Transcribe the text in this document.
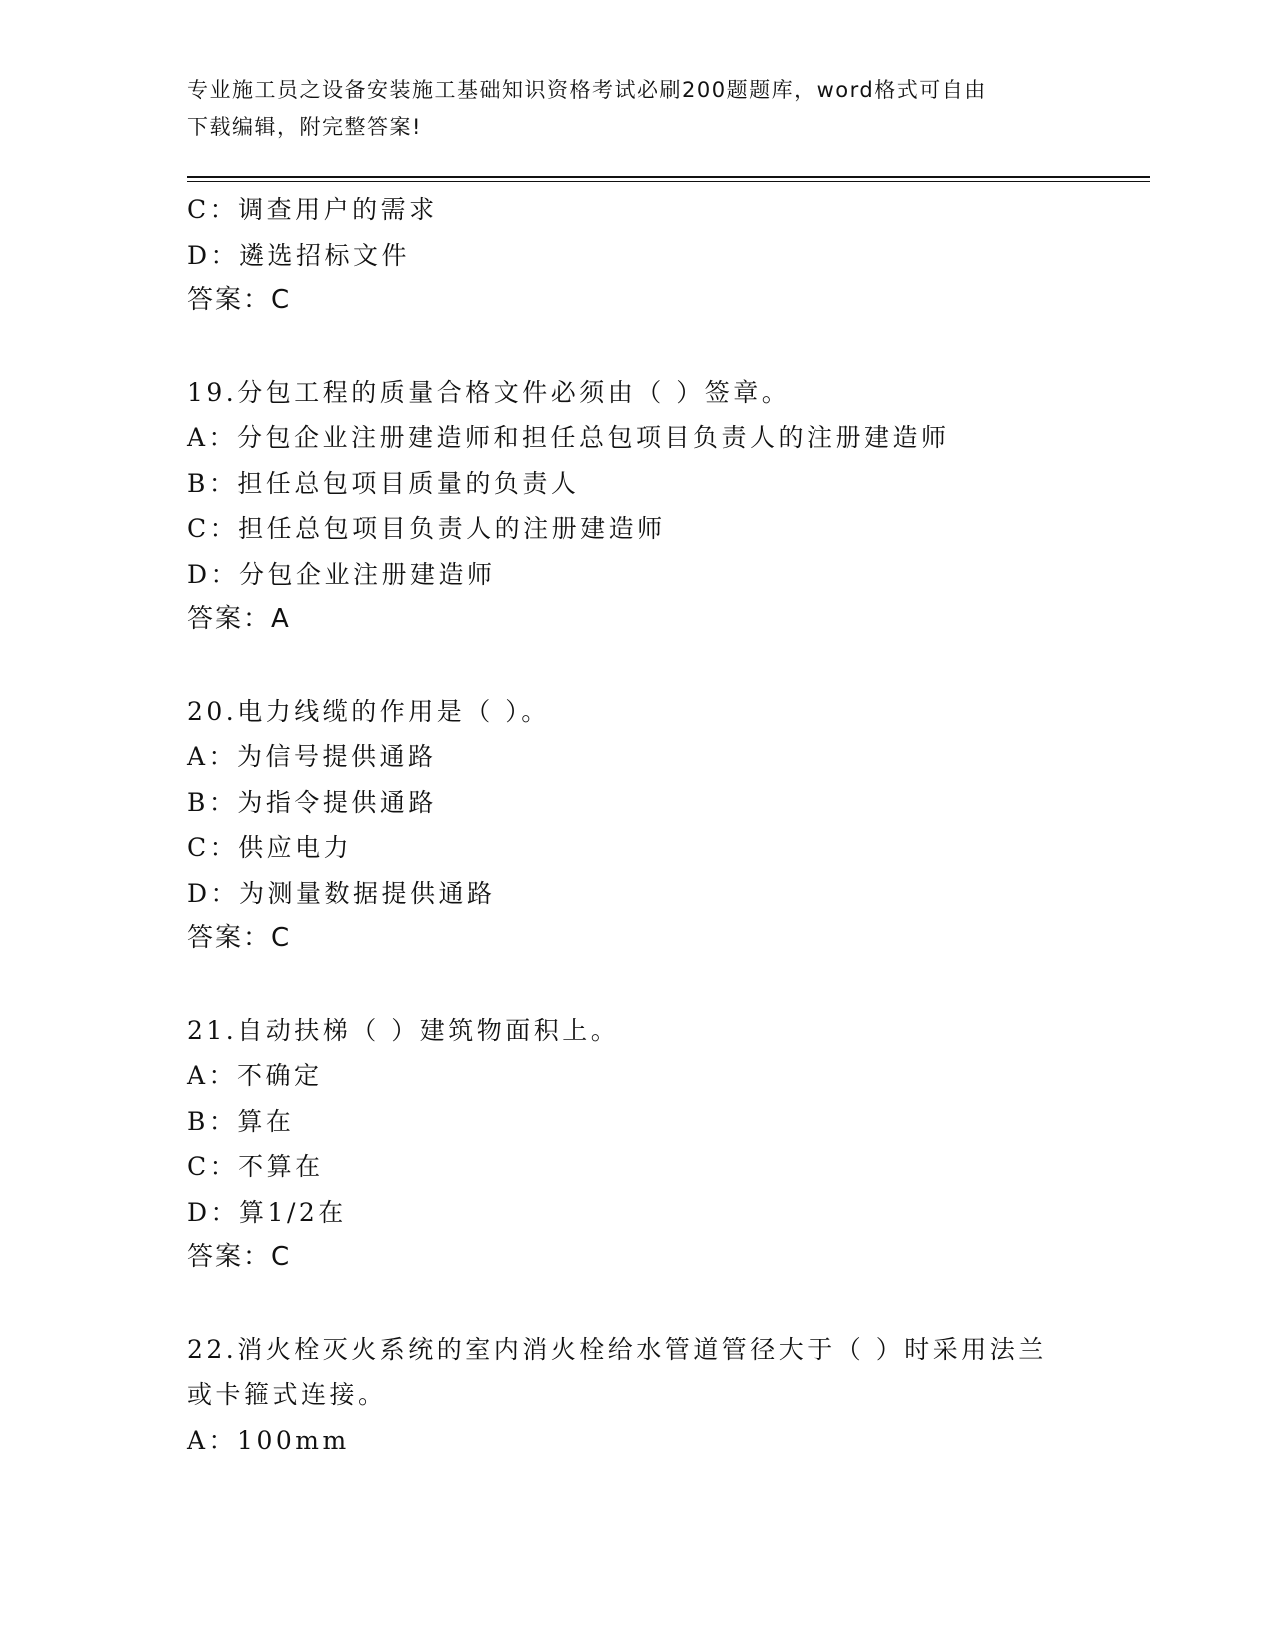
专业施工员之设备安装施工基础知识资格考试必刷200题题库，word格式可自由
下载编辑，附完整答案!
C：调查用户的需求
D：遴选招标文件
答案：C
19.分包工程的质量合格文件必须由（ ）签章。
A：分包企业注册建造师和担任总包项目负责人的注册建造师
B：担任总包项目质量的负责人
C：担任总包项目负责人的注册建造师
D：分包企业注册建造师
答案：A
20.电力线缆的作用是（ ）。
A：为信号提供通路
B：为指令提供通路
C：供应电力
D：为测量数据提供通路
答案：C
21.自动扶梯（ ）建筑物面积上。
A：不确定
B：算在
C：不算在
D：算1/2在
答案：C
22.消火栓灭火系统的室内消火栓给水管道管径大于（ ）时采用法兰
或卡箍式连接。
A：100mm
